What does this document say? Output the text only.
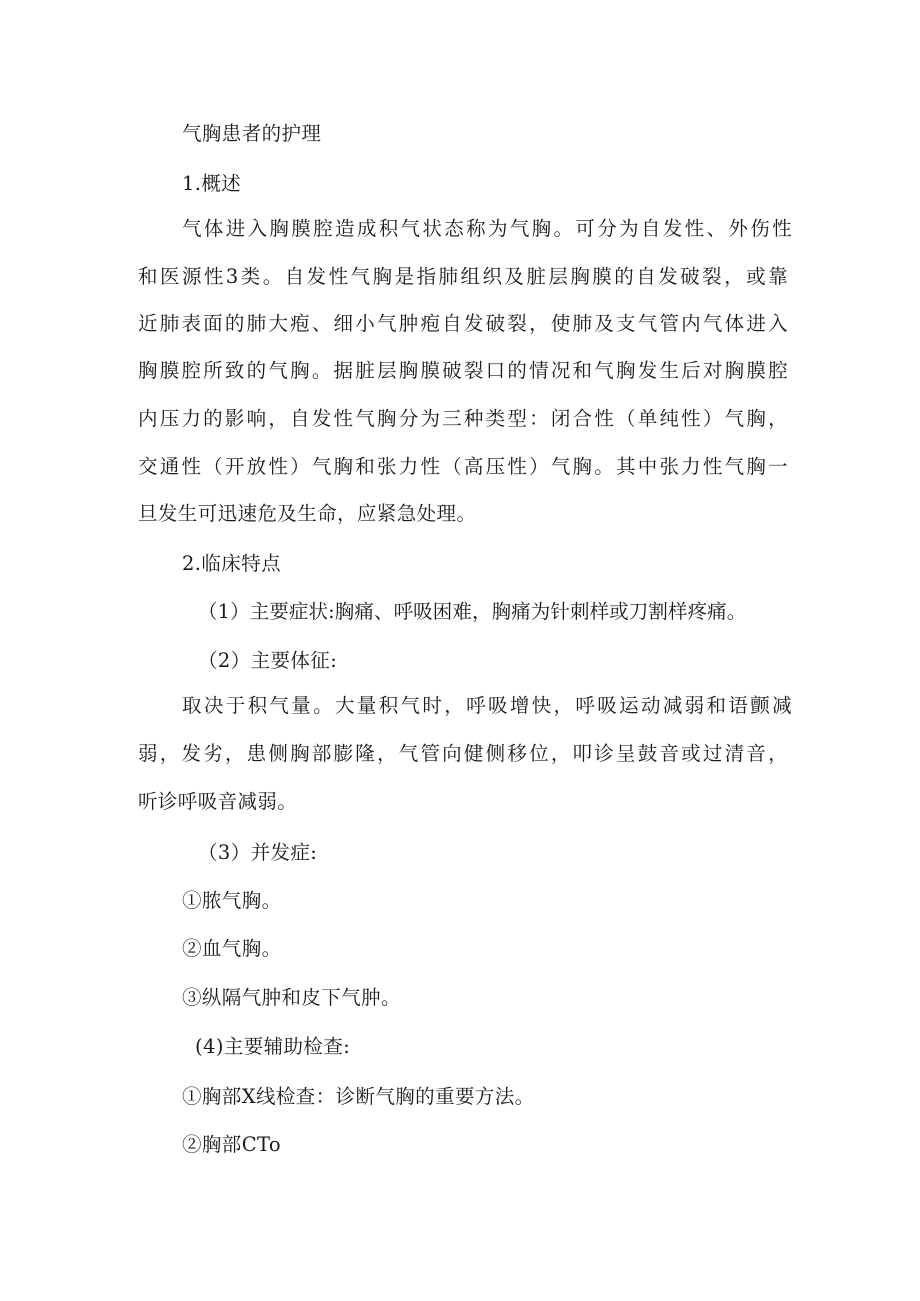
气胸患者的护理
1.概述
气体进入胸膜腔造成积气状态称为气胸。可分为自发性、外伤性
和医源性3类。自发性气胸是指肺组织及脏层胸膜的自发破裂，或靠
近肺表面的肺大疱、细小气肿疱自发破裂，使肺及支气管内气体进入
胸膜腔所致的气胸。据脏层胸膜破裂口的情况和气胸发生后对胸膜腔
内压力的影响，自发性气胸分为三种类型：闭合性（单纯性）气胸，
交通性（开放性）气胸和张力性（高压性）气胸。其中张力性气胸一
旦发生可迅速危及生命，应紧急处理。
2.临床特点
（1）主要症状:胸痛、呼吸困难，胸痛为针刺样或刀割样疼痛。
（2）主要体征:
取决于积气量。大量积气时，呼吸增快，呼吸运动减弱和语颤减
弱，发劣，患侧胸部膨隆，气管向健侧移位，叩诊呈鼓音或过清音，
听诊呼吸音减弱。
（3）并发症:
①脓气胸。
②血气胸。
③纵隔气肿和皮下气肿。
(4)主要辅助检查:
①胸部X线检查：诊断气胸的重要方法。
②胸部CTo
